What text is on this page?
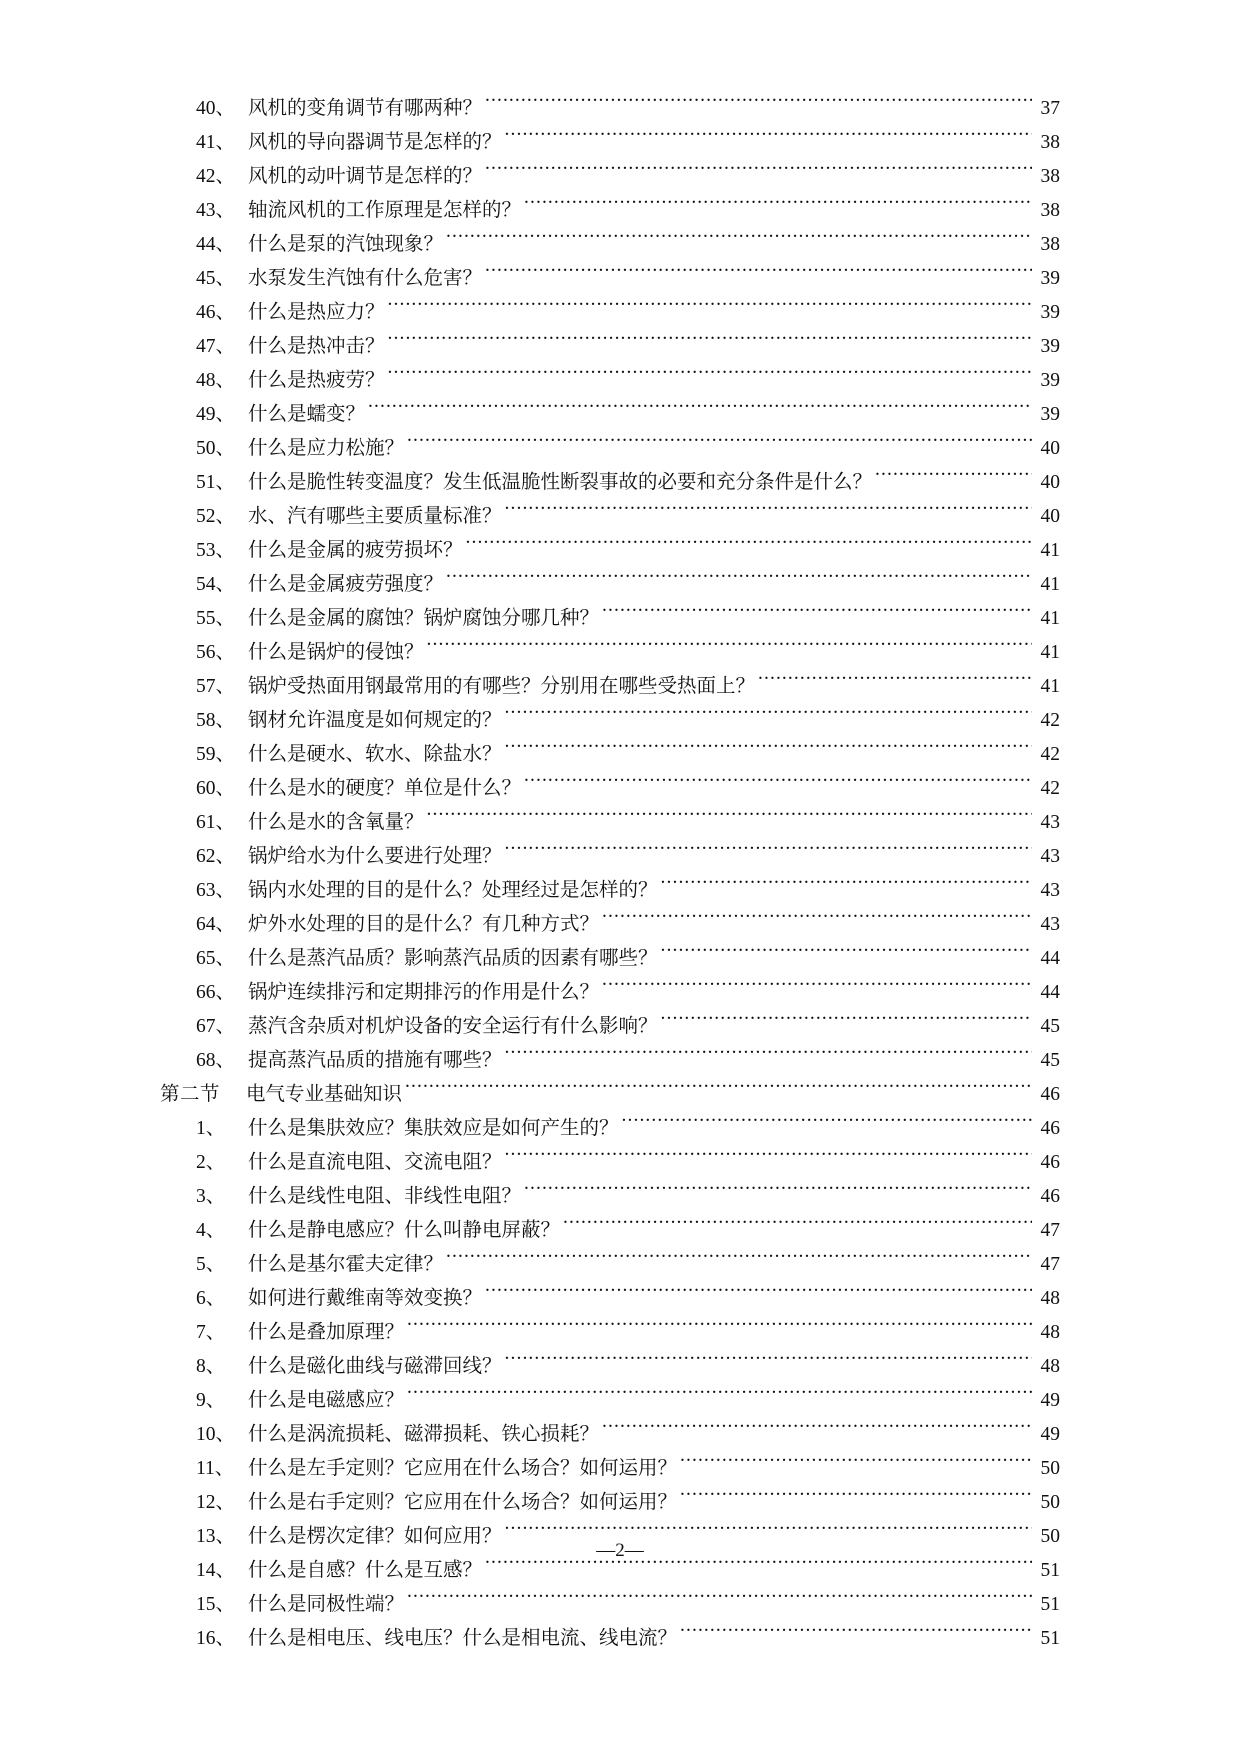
40、 风机的变角调节有哪两种？ .....	37
41、 风机的导向器调节是怎样的？ .....	38
42、 风机的动叶调节是怎样的？ .....	38
43、 轴流风机的工作原理是怎样的？ .....	38
44、 什么是泵的汽蚀现象？ .....	38
45、 水泵发生汽蚀有什么危害？ .....	39
46、 什么是热应力？ .....	39
47、 什么是热冲击？ .....	39
48、 什么是热疲劳？ .....	39
49、 什么是蠕变？ .....	39
50、 什么是应力松施？ .....	40
51、 什么是脆性转变温度？发生低温脆性断裂事故的必要和充分条件是什么？ .....	40
52、 水、汽有哪些主要质量标准？ .....	40
53、 什么是金属的疲劳损坏？ .....	41
54、 什么是金属疲劳强度？ .....	41
55、 什么是金属的腐蚀？锅炉腐蚀分哪几种？ .....	41
56、 什么是锅炉的侵蚀？ .....	41
57、 锅炉受热面用钢最常用的有哪些？分别用在哪些受热面上？ .....	41
58、 钢材允许温度是如何规定的？ .....	42
59、 什么是硬水、软水、除盐水？ .....	42
60、 什么是水的硬度？单位是什么？ .....	42
61、 什么是水的含氧量？ .....	43
62、 锅炉给水为什么要进行处理？ .....	43
63、 锅内水处理的目的是什么？处理经过是怎样的？ .....	43
64、 炉外水处理的目的是什么？有几种方式？ .....	43
65、 什么是蒸汽品质？影响蒸汽品质的因素有哪些？ .....	44
66、 锅炉连续排污和定期排污的作用是什么？ .....	44
67、 蒸汽含杂质对机炉设备的安全运行有什么影响？ .....	45
68、 提高蒸汽品质的措施有哪些？ .....	45
第二节 电气专业基础知识 .....	46
1、	什么是集肤效应？集肤效应是如何产生的？ .....	46
2、	什么是直流电阻、交流电阻？ .....	46
3、	什么是线性电阻、非线性电阻？ .....	46
4、	什么是静电感应？什么叫静电屏蔽？ .....	47
5、	什么是基尔霍夫定律？ .....	47
6、	如何进行戴维南等效变换？ .....	48
7、	什么是叠加原理？ .....	48
8、	什么是磁化曲线与磁滞回线？ .....	48
9、	什么是电磁感应？ .....	49
10、 什么是涡流损耗、磁滞损耗、铁心损耗？ .....	49
11、 什么是左手定则？它应用在什么场合？如何运用？ .....	50
12、 什么是右手定则？它应用在什么场合？如何运用？ .....	50
13、 什么是楞次定律？如何应用？ .....	50
14、 什么是自感？什么是互感？ .....	51
15、 什么是同极性端？ .....	51
16、 什么是相电压、线电压？什么是相电流、线电流？ .....	51
—2—
